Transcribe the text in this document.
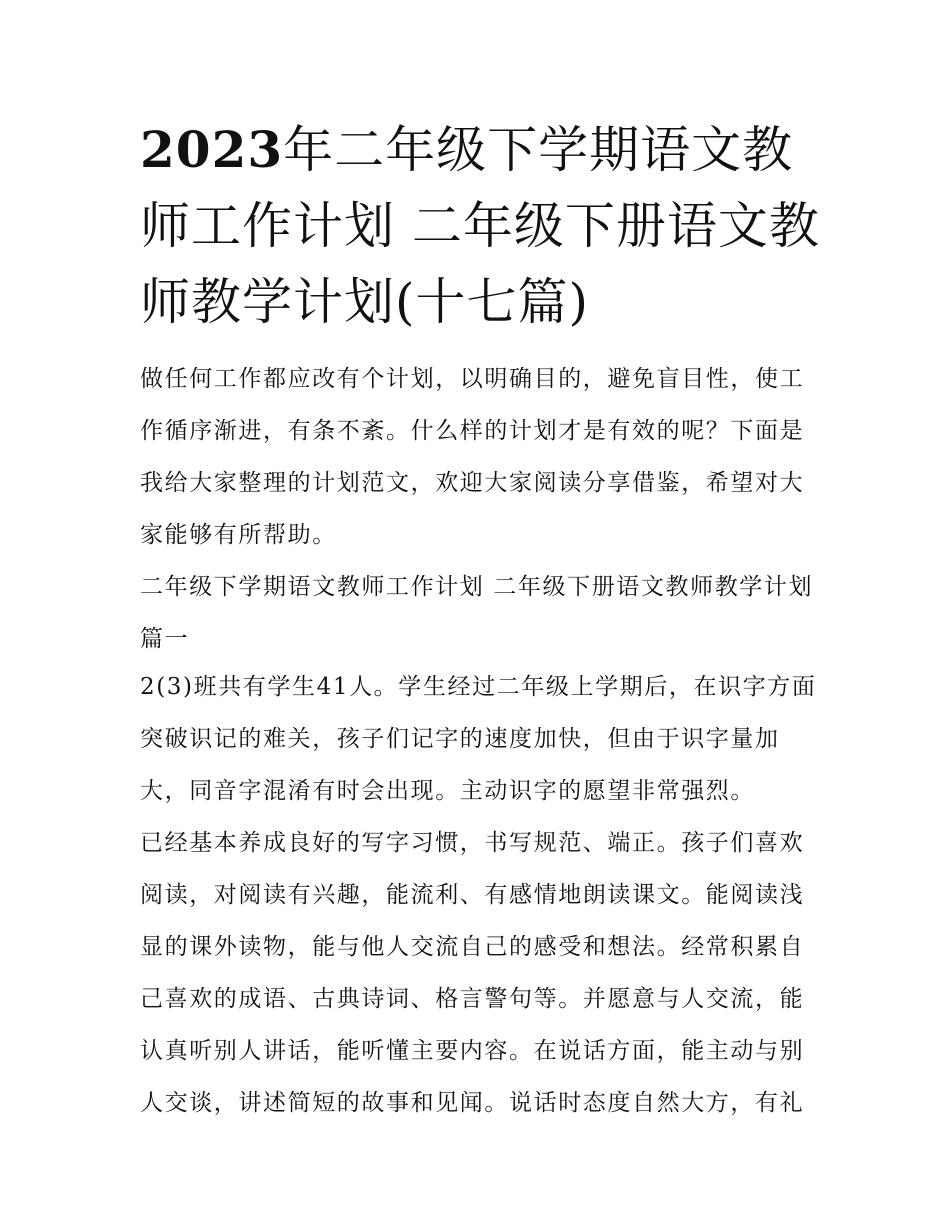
2023年二年级下学期语文教师工作计划 二年级下册语文教师教学计划(十七篇)

做任何工作都应改有个计划，以明确目的，避免盲目性，使工作循序渐进，有条不紊。什么样的计划才是有效的呢？下面是我给大家整理的计划范文，欢迎大家阅读分享借鉴，希望对大家能够有所帮助。

二年级下学期语文教师工作计划 二年级下册语文教师教学计划篇一

2(3)班共有学生41人。学生经过二年级上学期后，在识字方面突破识记的难关，孩子们记字的速度加快，但由于识字量加大，同音字混淆有时会出现。主动识字的愿望非常强烈。

已经基本养成良好的写字习惯，书写规范、端正。孩子们喜欢阅读，对阅读有兴趣，能流利、有感情地朗读课文。能阅读浅显的课外读物，能与他人交流自己的感受和想法。经常积累自己喜欢的成语、古典诗词、格言警句等。并愿意与人交流，能认真听别人讲话，能听懂主要内容。在说话方面，能主动与别人交谈，讲述简短的故事和见闻。说话时态度自然大方，有礼
